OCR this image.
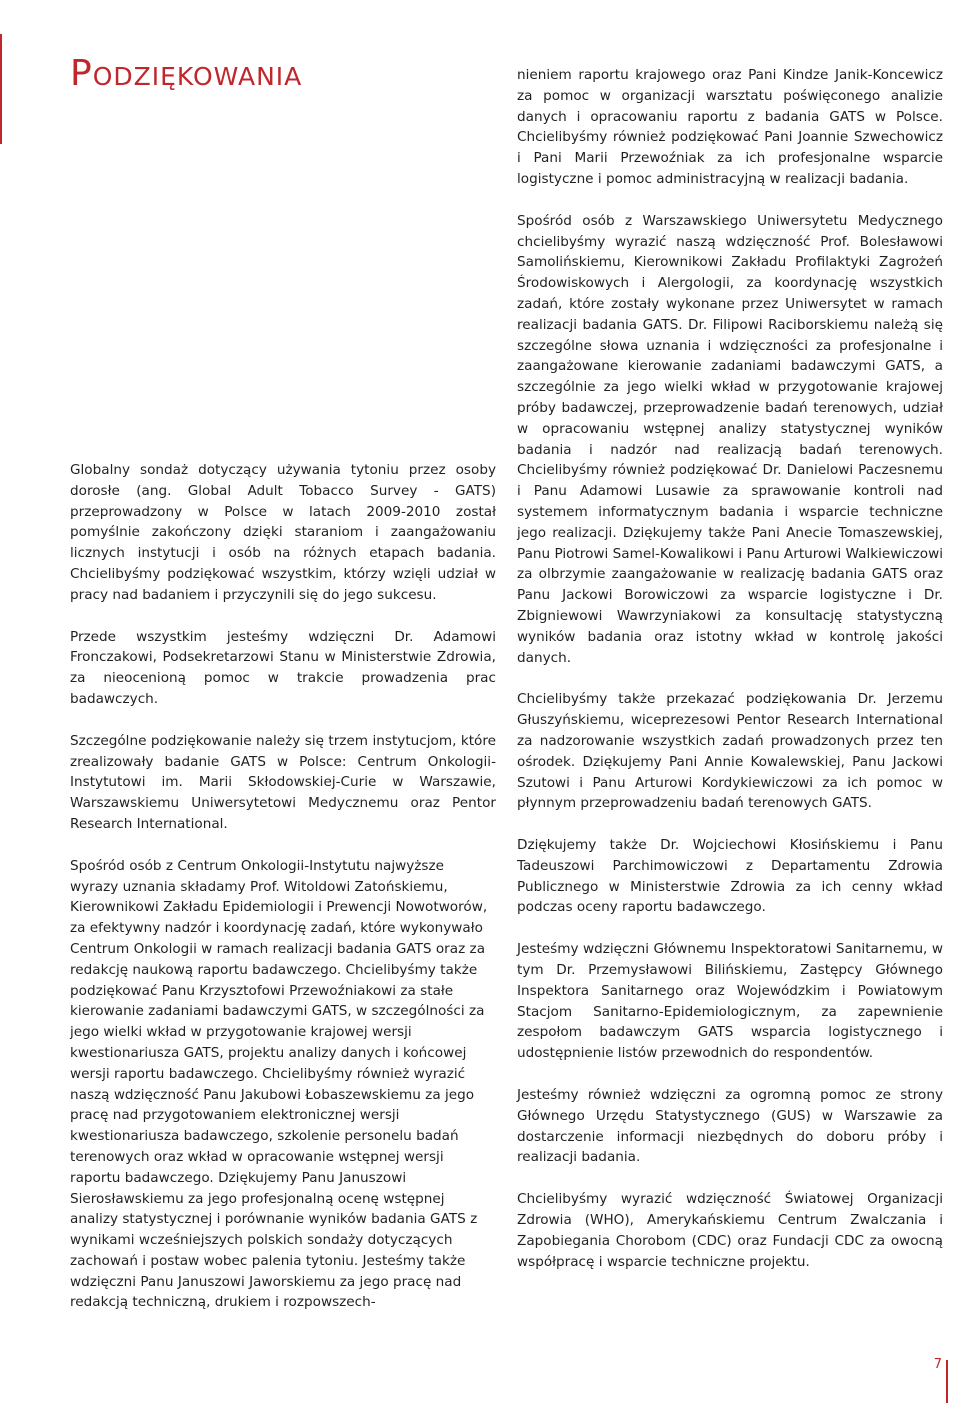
Podziękowania

Globalny sondaż dotyczący używania tytoniu przez osoby dorosłe (ang. Global Adult Tobacco Survey - GATS) przeprowadzony w Polsce w latach 2009-2010 został pomyślnie zakończony dzięki staraniom i zaangażowaniu licznych instytucji i osób na różnych etapach badania. Chcielibyśmy podziękować wszystkim, którzy wzięli udział w pracy nad badaniem i przyczynili się do jego sukcesu.

Przede wszystkim jesteśmy wdzięczni Dr. Adamowi Fronczakowi, Podsekretarzowi Stanu w Ministerstwie Zdrowia, za nieocenioną pomoc w trakcie prowadzenia prac badawczych.

Szczególne podziękowanie należy się trzem instytucjom, które zrealizowały badanie GATS w Polsce: Centrum Onkologii-Instytutowi im. Marii Skłodowskiej-Curie w Warszawie, Warszawskiemu Uniwersytetowi Medycznemu oraz Pentor Research International.

Spośród osób z Centrum Onkologii-Instytutu najwyższe wyrazy uznania składamy Prof. Witoldowi Zatońskiemu, Kierownikowi Zakładu Epidemiologii i Prewencji Nowotworów, za efektywny nadzór i koordynację zadań, które wykonywało Centrum Onkologii w ramach realizacji badania GATS oraz za redakcję naukową raportu badawczego. Chcielibyśmy także podziękować Panu Krzysztofowi Przewoźniakowi za stałe kierowanie zadaniami badawczymi GATS, w szczególności za jego wielki wkład w przygotowanie krajowej wersji kwestionariusza GATS, projektu analizy danych i końcowej wersji raportu badawczego. Chcielibyśmy również wyrazić naszą wdzięczność Panu Jakubowi Łobaszewskiemu za jego pracę nad przygotowaniem elektronicznej wersji kwestionariusza badawczego, szkolenie personelu badań terenowych oraz wkład w opracowanie wstępnej wersji raportu badawczego. Dziękujemy Panu Januszowi Sierosławskiemu za jego profesjonalną ocenę wstępnej analizy statystycznej i porównanie wyników badania GATS z wynikami wcześniejszych polskich sondaży dotyczących zachowań i postaw wobec palenia tytoniu. Jesteśmy także wdzięczni Panu Januszowi Jaworskiemu za jego pracę nad redakcją techniczną, drukiem i rozpowszech-

nieniem raportu krajowego oraz Pani Kindze Janik-Koncewicz za pomoc w organizacji warsztatu poświęconego analizie danych i opracowaniu raportu z badania GATS w Polsce. Chcielibyśmy również podziękować Pani Joannie Szwechowicz i Pani Marii Przewoźniak za ich profesjonalne wsparcie logistyczne i pomoc administracyjną w realizacji badania.

Spośród osób z Warszawskiego Uniwersytetu Medycznego chcielibyśmy wyrazić naszą wdzięczność Prof. Bolesławowi Samolińskiemu, Kierownikowi Zakładu Profilaktyki Zagrożeń Środowiskowych i Alergologii, za koordynację wszystkich zadań, które zostały wykonane przez Uniwersytet w ramach realizacji badania GATS. Dr. Filipowi Raciborskiemu należą się szczególne słowa uznania i wdzięczności za profesjonalne i zaangażowane kierowanie zadaniami badawczymi GATS, a szczególnie za jego wielki wkład w przygotowanie krajowej próby badawczej, przeprowadzenie badań terenowych, udział w opracowaniu wstępnej analizy statystycznej wyników badania i nadzór nad realizacją badań terenowych. Chcielibyśmy również podziękować Dr. Danielowi Paczesnemu i Panu Adamowi Lusawie za sprawowanie kontroli nad systemem informatycznym badania i wsparcie techniczne jego realizacji. Dziękujemy także Pani Anecie Tomaszewskiej, Panu Piotrowi Samel-Kowalikowi i Panu Arturowi Walkiewiczowi za olbrzymie zaangażowanie w realizację badania GATS oraz Panu Jackowi Borowiczowi za wsparcie logistyczne i Dr. Zbigniewowi Wawrzyniakowi za konsultację statystyczną wyników badania oraz istotny wkład w kontrolę jakości danych.

Chcielibyśmy także przekazać podziękowania Dr. Jerzemu Głuszyńskiemu, wiceprezesowi Pentor Research International za nadzorowanie wszystkich zadań prowadzonych przez ten ośrodek. Dziękujemy Pani Annie Kowalewskiej, Panu Jackowi Szutowi i Panu Arturowi Kordykiewiczowi za ich pomoc w płynnym przeprowadzeniu badań terenowych GATS.

Dziękujemy także Dr. Wojciechowi Kłosińskiemu i Panu Tadeuszowi Parchimowiczowi z Departamentu Zdrowia Publicznego w Ministerstwie Zdrowia za ich cenny wkład podczas oceny raportu badawczego.

Jesteśmy wdzięczni Głównemu Inspektoratowi Sanitarnemu, w tym Dr. Przemysławowi Bilińskiemu, Zastępcy Głównego Inspektora Sanitarnego oraz Wojewódzkim i Powiatowym Stacjom Sanitarno-Epidemiologicznym, za zapewnienie zespołom badawczym GATS wsparcia logistycznego i udostępnienie listów przewodnich do respondentów.

Jesteśmy również wdzięczni za ogromną pomoc ze strony Głównego Urzędu Statystycznego (GUS) w Warszawie za dostarczenie informacji niezbędnych do doboru próby i realizacji badania.

Chcielibyśmy wyrazić wdzięczność Światowej Organizacji Zdrowia (WHO), Amerykańskiemu Centrum Zwalczania i Zapobiegania Chorobom (CDC) oraz Fundacji CDC za owocną współpracę i wsparcie techniczne projektu.

7
